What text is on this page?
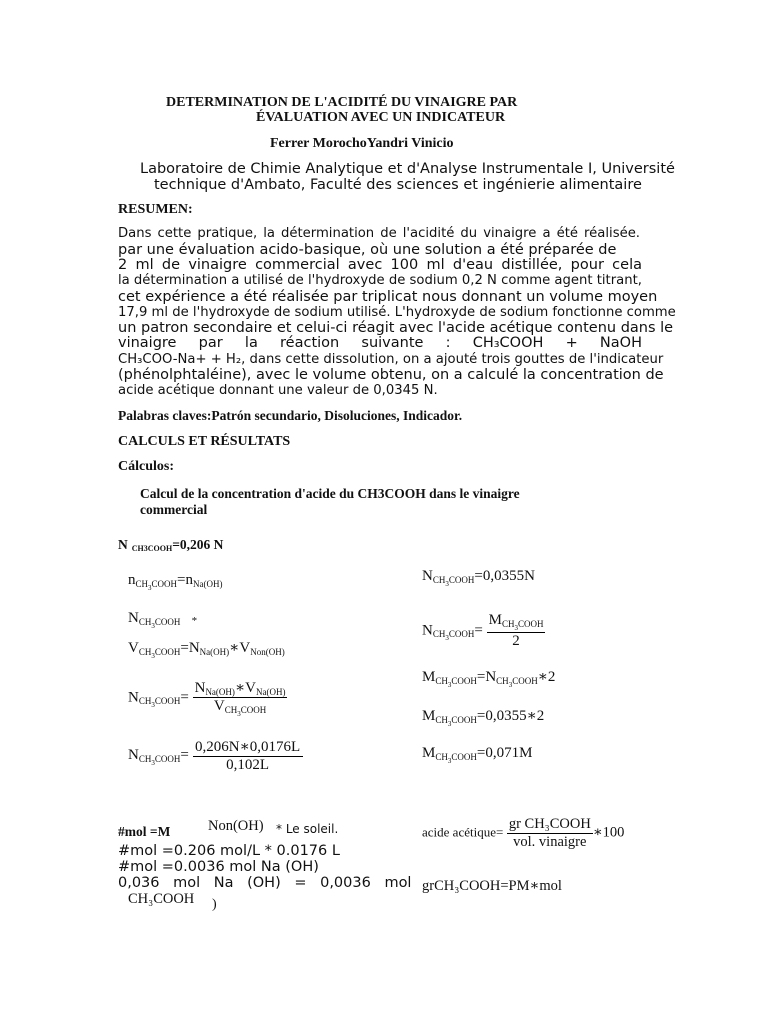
DETERMINATION DE L'ACIDITÉ DU VINAIGRE PAR
ÉVALUATION AVEC UN INDICATEUR
Ferrer MorochoYandri Vinicio
Laboratoire de Chimie Analytique et d'Analyse Instrumentale I, Université
technique d'Ambato, Faculté des sciences et ingénierie alimentaire
RESUMEN:
Dans cette pratique, la détermination de l'acidité du vinaigre a été réalisée.
par une évaluation acido-basique, où une solution a été préparée de
2 ml de vinaigre commercial avec 100 ml d'eau distillée, pour cela
la détermination a utilisé de l'hydroxyde de sodium 0,2 N comme agent titrant,
cet expérience a été réalisée par triplicat nous donnant un volume moyen
17,9 ml de l'hydroxyde de sodium utilisé. L'hydroxyde de sodium fonctionne comme
un patron secondaire et celui-ci réagit avec l'acide acétique contenu dans le
vinaigre par la réaction suivante : CH₃COOH + NaOH
CH₃COO-Na+ + H₂, dans cette dissolution, on a ajouté trois gouttes de l'indicateur
(phénolphtaléine), avec le volume obtenu, on a calculé la concentration de
acide acétique donnant une valeur de 0,0345 N.
Palabras claves:Patrón secundario, Disoluciones, Indicador.
CALCULS ET RÉSULTATS
Cálculos:
Calcul de la concentration d'acide du CH3COOH dans le vinaigre
commercial
NCH3COOH=0,206 N
$n_{CH_3COOH}=n_{Na(OH)}$
$N_{CH_3COOH}$ *
$V_{CH_3COOH}=N_{Na(OH)}∗V_{Non(OH)}$
$N_{CH_3COOH}= \frac{N_{Na(OH)}∗V_{Na(OH)}}{V_{CH_3COOH}}$
$N_{CH_3COOH}= \frac{0,206N∗0,0176L}{0,102L}$
$N_{CH_3COOH}=0,0355N$
$N_{CH_3COOH}= \frac{M_{CH_3COOH}}{2}$
$M_{CH_3COOH}=N_{CH_3COOH}∗2$
$M_{CH_3COOH}=0,0355∗2$
$M_{CH_3COOH}=0,071M$
#mol =M	Non(OH) * Le soleil.
#mol =0.206 mol/L * 0.0176 L
#mol =0.0036 mol Na (OH)
0,036 mol Na (OH) = 0,0036 mol
CH₃COOH )
acide acétique= $\frac{\text{gr CH₃COOH}}{\text{vol. vinaigre}}$ ∗100
grCH₃COOH=PM∗mol
